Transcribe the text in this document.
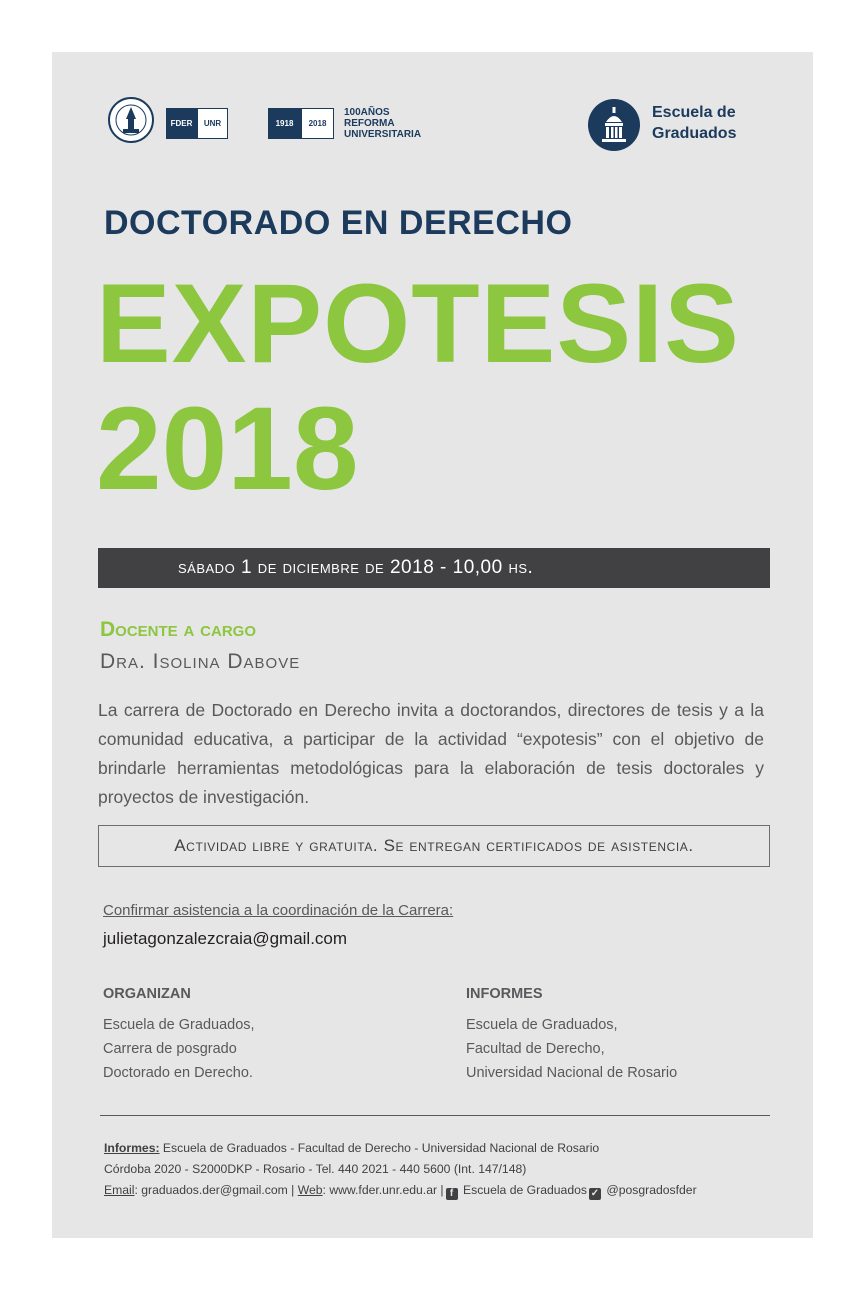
FDER	UNR	1918	2018
100AÑOS
REFORMA
UNIVERSITARIA
Escuela de
Graduados
DOCTORADO EN DERECHO
EXPOTESIS
2018
sábado 1 de diciembre de 2018 - 10,00 hs.
Docente a cargo
Dra. Isolina Dabove
La carrera de Doctorado en Derecho invita a doctorandos, directores de tesis y a la comunidad educativa, a participar de la actividad “expotesis” con el objetivo de brindarle herramientas metodológicas para la elaboración de tesis doctorales y proyectos de investigación.
Actividad libre y gratuita. Se entregan certificados de asistencia.
Confirmar asistencia a la coordinación de la Carrera:
julietagonzalezcraia@gmail.com
ORGANIZAN
Escuela de Graduados,
Carrera de posgrado
Doctorado en Derecho.
INFORMES
Escuela de Graduados,
Facultad de Derecho,
Universidad Nacional de Rosario
Informes: Escuela de Graduados - Facultad de Derecho - Universidad Nacional de Rosario
Córdoba 2020 - S2000DKP - Rosario - Tel. 440 2021 - 440 5600 (Int. 147/148)
Email: graduados.der@gmail.com | Web: www.fder.unr.edu.ar | f Escuela de Graduados ✓ @posgradosfder
